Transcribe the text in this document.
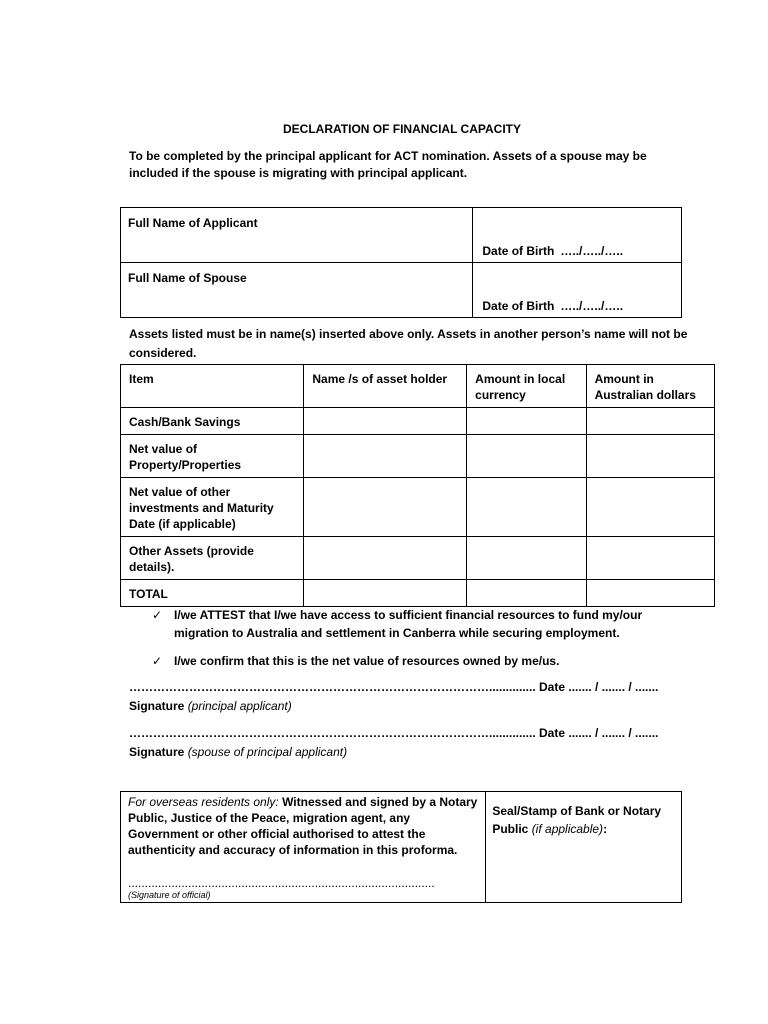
DECLARATION OF FINANCIAL CAPACITY
To be completed by the principal applicant for ACT nomination. Assets of a spouse may be included if the spouse is migrating with principal applicant.
Full Name of Applicant	Date of Birth …../…../…..

Full Name of Spouse	Date of Birth …../…../…..
Assets listed must be in name(s) inserted above only. Assets in another person’s name will not be considered.
Item	Name /s of asset holder	Amount in local currency	Amount in Australian dollars
Cash/Bank Savings			
Net value of Property/Properties			
Net value of other investments and Maturity Date (if applicable)			
Other Assets (provide details).			
TOTAL			
✓ I/we ATTEST that I/we have access to sufficient financial resources to fund my/our migration to Australia and settlement in Canberra while securing employment.
✓ I/we confirm that this is the net value of resources owned by me/us.
……………………………………………………………………………….............. Date ....... / ....... / .......
Signature (principal applicant)
……………………………………………………………………………….............. Date ....... / ....... / .......
Signature (spouse of principal applicant)
For overseas residents only: Witnessed and signed by a Notary Public, Justice of the Peace, migration agent, any Government or other official authorised to attest the authenticity and accuracy of information in this proforma.
............................................................................................
(Signature of official)

Seal/Stamp of Bank or Notary Public (if applicable):
